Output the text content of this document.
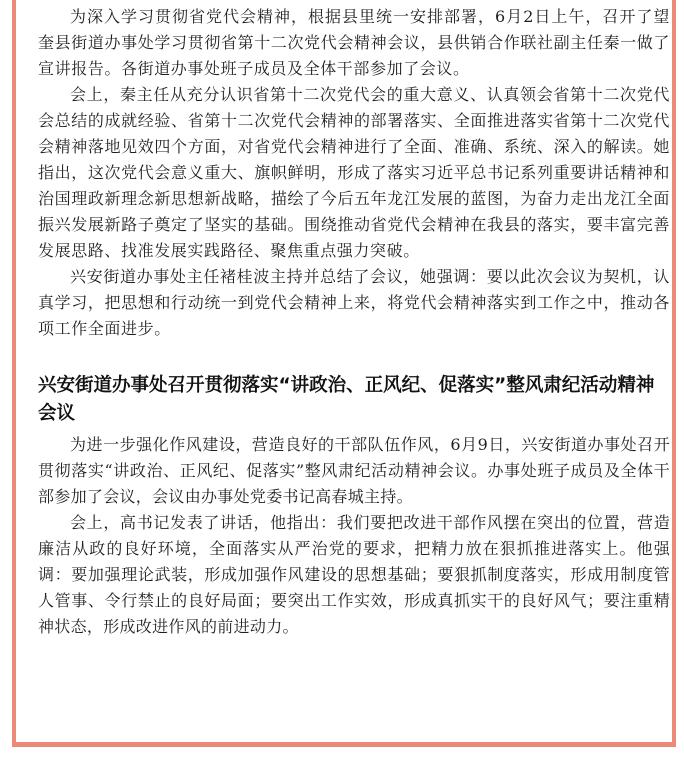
为深入学习贯彻省党代会精神，根据县里统一安排部署，6月2日上午，召开了望奎县街道办事处学习贯彻省第十二次党代会精神会议，县供销合作联社副主任秦一做了宣讲报告。各街道办事处班子成员及全体干部参加了会议。

会上，秦主任从充分认识省第十二次党代会的重大意义、认真领会省第十二次党代会总结的成就经验、省第十二次党代会精神的部署落实、全面推进落实省第十二次党代会精神落地见效四个方面，对省党代会精神进行了全面、准确、系统、深入的解读。她指出，这次党代会意义重大、旗帜鲜明，形成了落实习近平总书记系列重要讲话精神和治国理政新理念新思想新战略，描绘了今后五年龙江发展的蓝图，为奋力走出龙江全面振兴发展新路子奠定了坚实的基础。围绕推动省党代会精神在我县的落实，要丰富完善发展思路、找准发展实践路径、聚焦重点强力突破。

兴安街道办事处主任褚桂波主持并总结了会议，她强调：要以此次会议为契机，认真学习，把思想和行动统一到党代会精神上来，将党代会精神落实到工作之中，推动各项工作全面进步。

兴安街道办事处召开贯彻落实“讲政治、正风纪、促落实”整风肃纪活动精神会议

为进一步强化作风建设，营造良好的干部队伍作风，6月9日，兴安街道办事处召开贯彻落实“讲政治、正风纪、促落实”整风肃纪活动精神会议。办事处班子成员及全体干部参加了会议，会议由办事处党委书记高春城主持。

会上，高书记发表了讲话，他指出：我们要把改进干部作风摆在突出的位置，营造廉洁从政的良好环境，全面落实从严治党的要求，把精力放在狠抓推进落实上。他强调：要加强理论武装，形成加强作风建设的思想基础；要狠抓制度落实，形成用制度管人管事、令行禁止的良好局面；要突出工作实效，形成真抓实干的良好风气；要注重精神状态，形成改进作风的前进动力。
